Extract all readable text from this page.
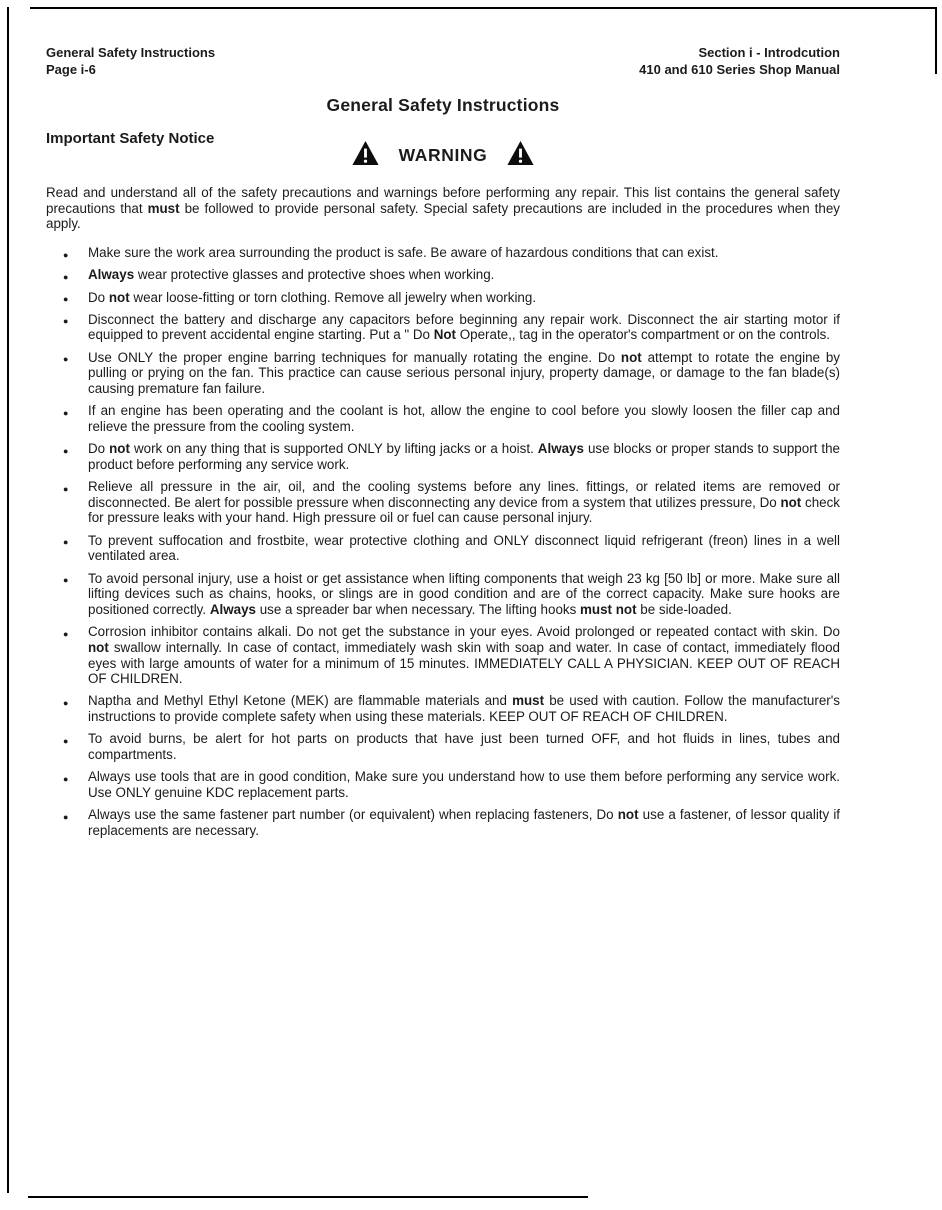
General Safety Instructions
Page i-6
Section i - Introdcution
410 and 610 Series Shop Manual
General Safety Instructions
Important Safety Notice
WARNING

Read and understand all of the safety precautions and warnings before performing any repair. This list contains the general safety precautions that must be followed to provide personal safety. Special safety precautions are included in the procedures when they apply.

● Make sure the work area surrounding the product is safe. Be aware of hazardous conditions that can exist.
● Always wear protective glasses and protective shoes when working.
● Do not wear loose-fitting or torn clothing. Remove all jewelry when working.
● Disconnect the battery and discharge any capacitors before beginning any repair work. Disconnect the air starting motor if equipped to prevent accidental engine starting. Put a " Do Not Operate,, tag in the operator's compartment or on the controls.
● Use ONLY the proper engine barring techniques for manually rotating the engine. Do not attempt to rotate the engine by pulling or prying on the fan. This practice can cause serious personal injury, property damage, or damage to the fan blade(s) causing premature fan failure.
● If an engine has been operating and the coolant is hot, allow the engine to cool before you slowly loosen the filler cap and relieve the pressure from the cooling system.
● Do not work on any thing that is supported ONLY by lifting jacks or a hoist. Always use blocks or proper stands to support the product before performing any service work.
● Relieve all pressure in the air, oil, and the cooling systems before any lines. fittings, or related items are removed or disconnected. Be alert for possible pressure when disconnecting any device from a system that utilizes pressure, Do not check for pressure leaks with your hand. High pressure oil or fuel can cause personal injury.
● To prevent suffocation and frostbite, wear protective clothing and ONLY disconnect liquid refrigerant (freon) lines in a well ventilated area.
● To avoid personal injury, use a hoist or get assistance when lifting components that weigh 23 kg [50 lb] or more. Make sure all lifting devices such as chains, hooks, or slings are in good condition and are of the correct capacity. Make sure hooks are positioned correctly. Always use a spreader bar when necessary. The lifting hooks must not be side-loaded.
● Corrosion inhibitor contains alkali. Do not get the substance in your eyes. Avoid prolonged or repeated contact with skin. Do not swallow internally. In case of contact, immediately wash skin with soap and water. In case of contact, immediately flood eyes with large amounts of water for a minimum of 15 minutes. IMMEDIATELY CALL A PHYSICIAN. KEEP OUT OF REACH OF CHILDREN.
● Naptha and Methyl Ethyl Ketone (MEK) are flammable materials and must be used with caution. Follow the manufacturer's instructions to provide complete safety when using these materials. KEEP OUT OF REACH OF CHILDREN.
● To avoid burns, be alert for hot parts on products that have just been turned OFF, and hot fluids in lines, tubes and compartments.
● Always use tools that are in good condition, Make sure you understand how to use them before performing any service work. Use ONLY genuine KDC replacement parts.
● Always use the same fastener part number (or equivalent) when replacing fasteners, Do not use a fastener, of lessor quality if replacements are necessary.
